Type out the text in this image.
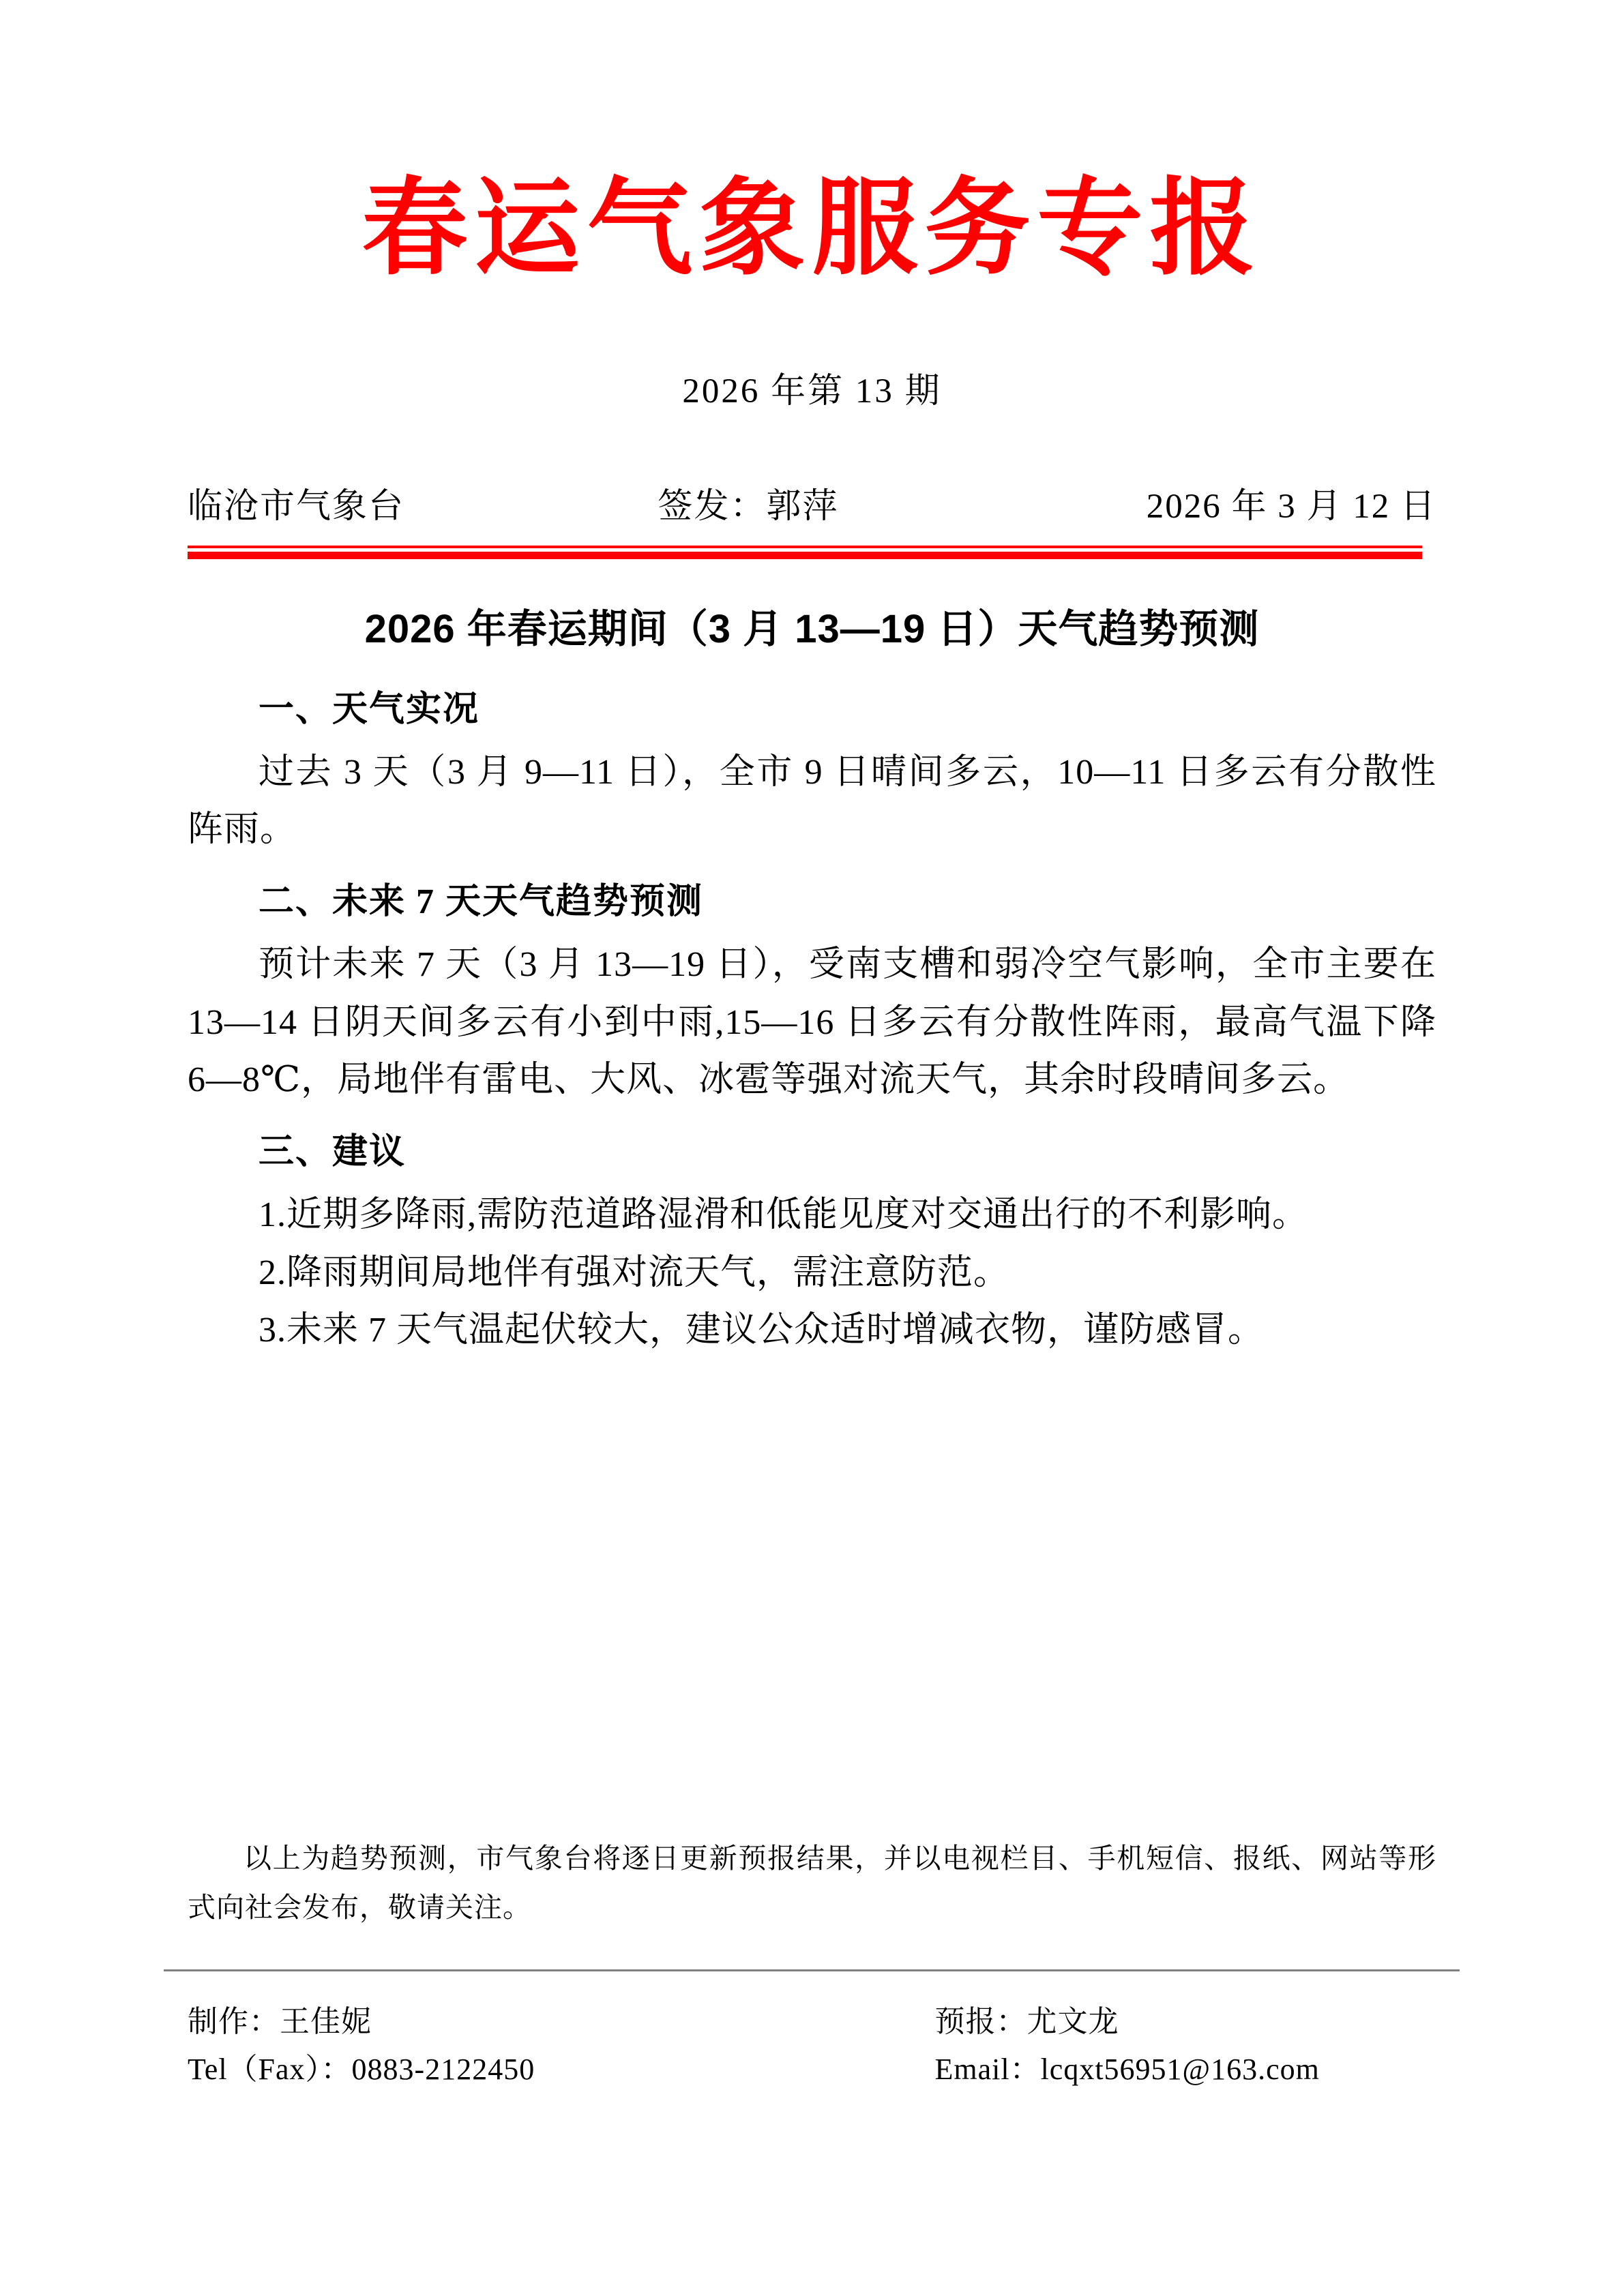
春运气象服务专报
2026 年第 13 期
临沧市气象台	签发：郭萍	2026 年 3 月 12 日
2026 年春运期间（3 月 13—19 日）天气趋势预测
一、天气实况

过去 3 天（3 月 9—11 日），全市 9 日晴间多云，10—11 日多云有分散性阵雨。

二、未来 7 天天气趋势预测

预计未来 7 天（3 月 13—19 日），受南支槽和弱冷空气影响，全市主要在 13—14 日阴天间多云有小到中雨,15—16 日多云有分散性阵雨，最高气温下降 6—8℃，局地伴有雷电、大风、冰雹等强对流天气，其余时段晴间多云。

三、建议

1.近期多降雨,需防范道路湿滑和低能见度对交通出行的不利影响。

2.降雨期间局地伴有强对流天气，需注意防范。

3.未来 7 天气温起伏较大，建议公众适时增减衣物，谨防感冒。

以上为趋势预测，市气象台将逐日更新预报结果，并以电视栏目、手机短信、报纸、网站等形式向社会发布，敬请关注。
制作：王佳妮
Tel（Fax）：0883-2122450
预报：尤文龙
Email：lcqxt56951@163.com
